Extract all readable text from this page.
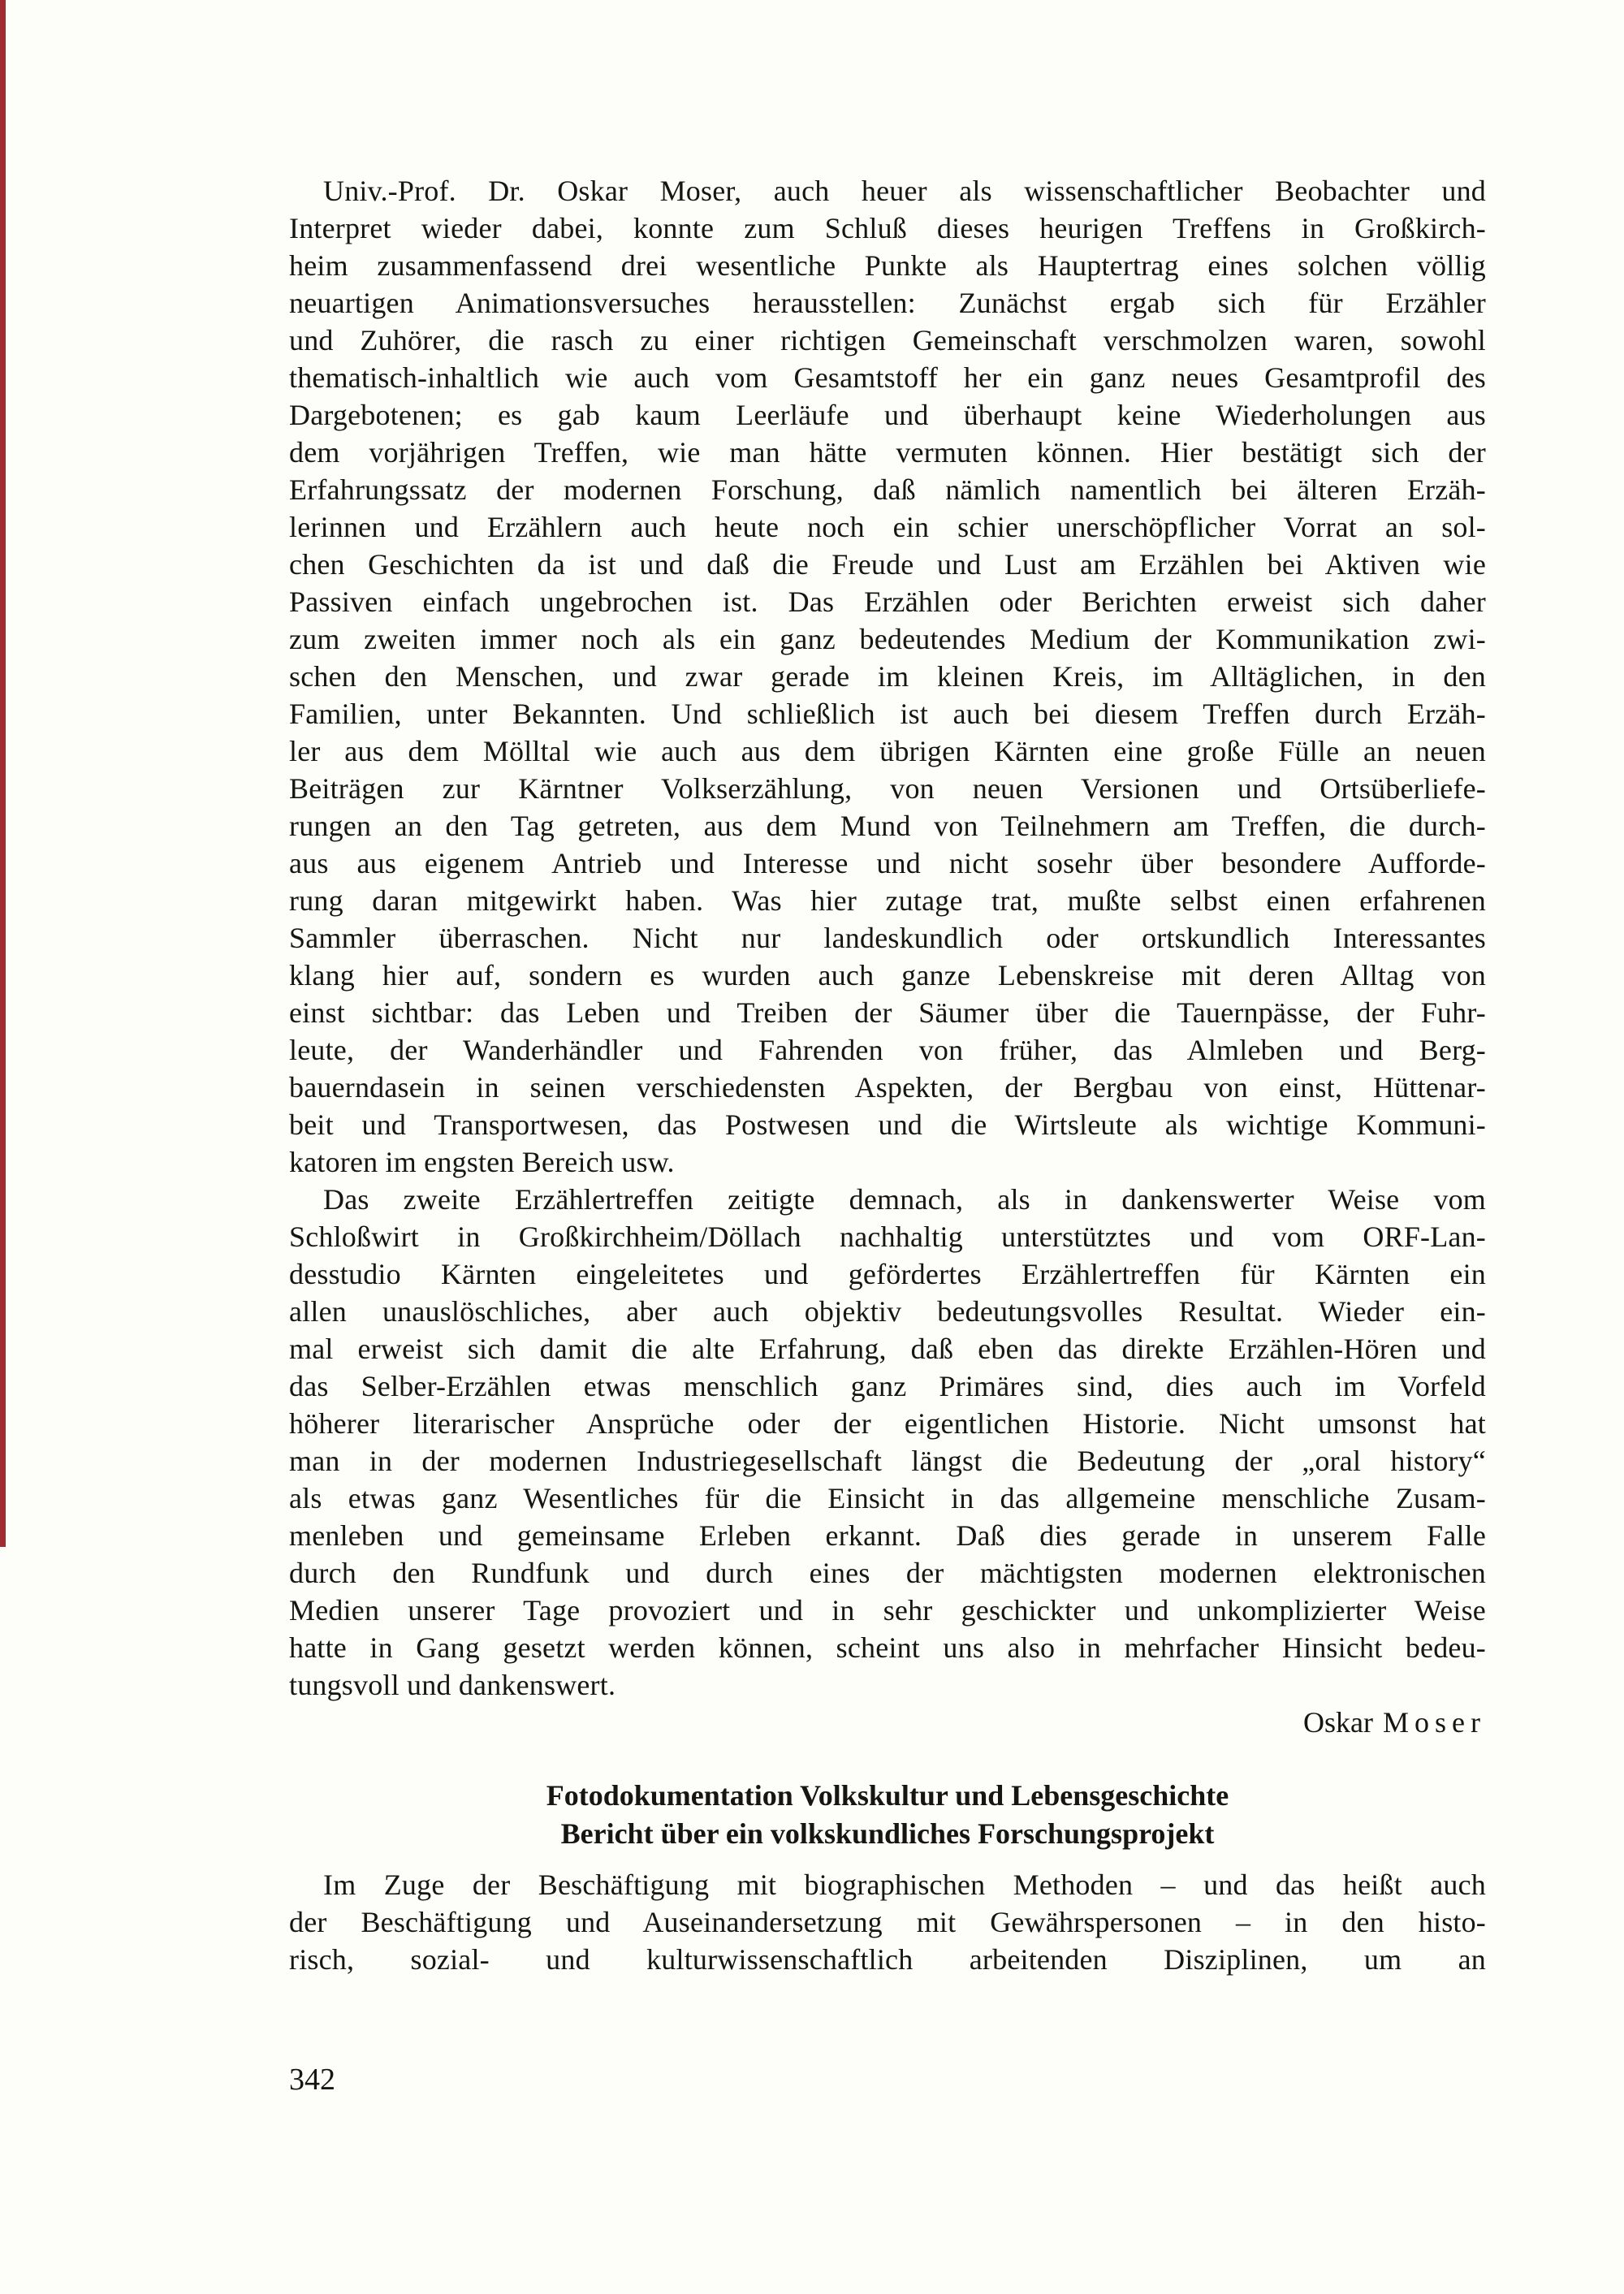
Univ.-Prof. Dr. Oskar Moser, auch heuer als wissenschaftlicher Beobachter und
Interpret wieder dabei, konnte zum Schluß dieses heurigen Treffens in Großkirch-
heim zusammenfassend drei wesentliche Punkte als Hauptertrag eines solchen völlig
neuartigen Animationsversuches herausstellen: Zunächst ergab sich für Erzähler
und Zuhörer, die rasch zu einer richtigen Gemeinschaft verschmolzen waren, sowohl
thematisch-inhaltlich wie auch vom Gesamtstoff her ein ganz neues Gesamtprofil des
Dargebotenen; es gab kaum Leerläufe und überhaupt keine Wiederholungen aus
dem vorjährigen Treffen, wie man hätte vermuten können. Hier bestätigt sich der
Erfahrungssatz der modernen Forschung, daß nämlich namentlich bei älteren Erzäh-
lerinnen und Erzählern auch heute noch ein schier unerschöpflicher Vorrat an sol-
chen Geschichten da ist und daß die Freude und Lust am Erzählen bei Aktiven wie
Passiven einfach ungebrochen ist. Das Erzählen oder Berichten erweist sich daher
zum zweiten immer noch als ein ganz bedeutendes Medium der Kommunikation zwi-
schen den Menschen, und zwar gerade im kleinen Kreis, im Alltäglichen, in den
Familien, unter Bekannten. Und schließlich ist auch bei diesem Treffen durch Erzäh-
ler aus dem Mölltal wie auch aus dem übrigen Kärnten eine große Fülle an neuen
Beiträgen zur Kärntner Volkserzählung, von neuen Versionen und Ortsüberliefe-
rungen an den Tag getreten, aus dem Mund von Teilnehmern am Treffen, die durch-
aus aus eigenem Antrieb und Interesse und nicht sosehr über besondere Aufforde-
rung daran mitgewirkt haben. Was hier zutage trat, mußte selbst einen erfahrenen
Sammler überraschen. Nicht nur landeskundlich oder ortskundlich Interessantes
klang hier auf, sondern es wurden auch ganze Lebenskreise mit deren Alltag von
einst sichtbar: das Leben und Treiben der Säumer über die Tauernpässe, der Fuhr-
leute, der Wanderhändler und Fahrenden von früher, das Almleben und Berg-
bauerndasein in seinen verschiedensten Aspekten, der Bergbau von einst, Hüttenar-
beit und Transportwesen, das Postwesen und die Wirtsleute als wichtige Kommuni-
katoren im engsten Bereich usw.
Das zweite Erzählertreffen zeitigte demnach, als in dankenswerter Weise vom
Schloßwirt in Großkirchheim/Döllach nachhaltig unterstütztes und vom ORF-Lan-
desstudio Kärnten eingeleitetes und gefördertes Erzählertreffen für Kärnten ein
allen unauslöschliches, aber auch objektiv bedeutungsvolles Resultat. Wieder ein-
mal erweist sich damit die alte Erfahrung, daß eben das direkte Erzählen-Hören und
das Selber-Erzählen etwas menschlich ganz Primäres sind, dies auch im Vorfeld
höherer literarischer Ansprüche oder der eigentlichen Historie. Nicht umsonst hat
man in der modernen Industriegesellschaft längst die Bedeutung der „oral history“
als etwas ganz Wesentliches für die Einsicht in das allgemeine menschliche Zusam-
menleben und gemeinsame Erleben erkannt. Daß dies gerade in unserem Falle
durch den Rundfunk und durch eines der mächtigsten modernen elektronischen
Medien unserer Tage provoziert und in sehr geschickter und unkomplizierter Weise
hatte in Gang gesetzt werden können, scheint uns also in mehrfacher Hinsicht bedeu-
tungsvoll und dankenswert.
Oskar Moser
Fotodokumentation Volkskultur und Lebensgeschichte
Bericht über ein volkskundliches Forschungsprojekt
Im Zuge der Beschäftigung mit biographischen Methoden – und das heißt auch
der Beschäftigung und Auseinandersetzung mit Gewährspersonen – in den histo-
risch, sozial- und kulturwissenschaftlich arbeitenden Disziplinen, um an
342
